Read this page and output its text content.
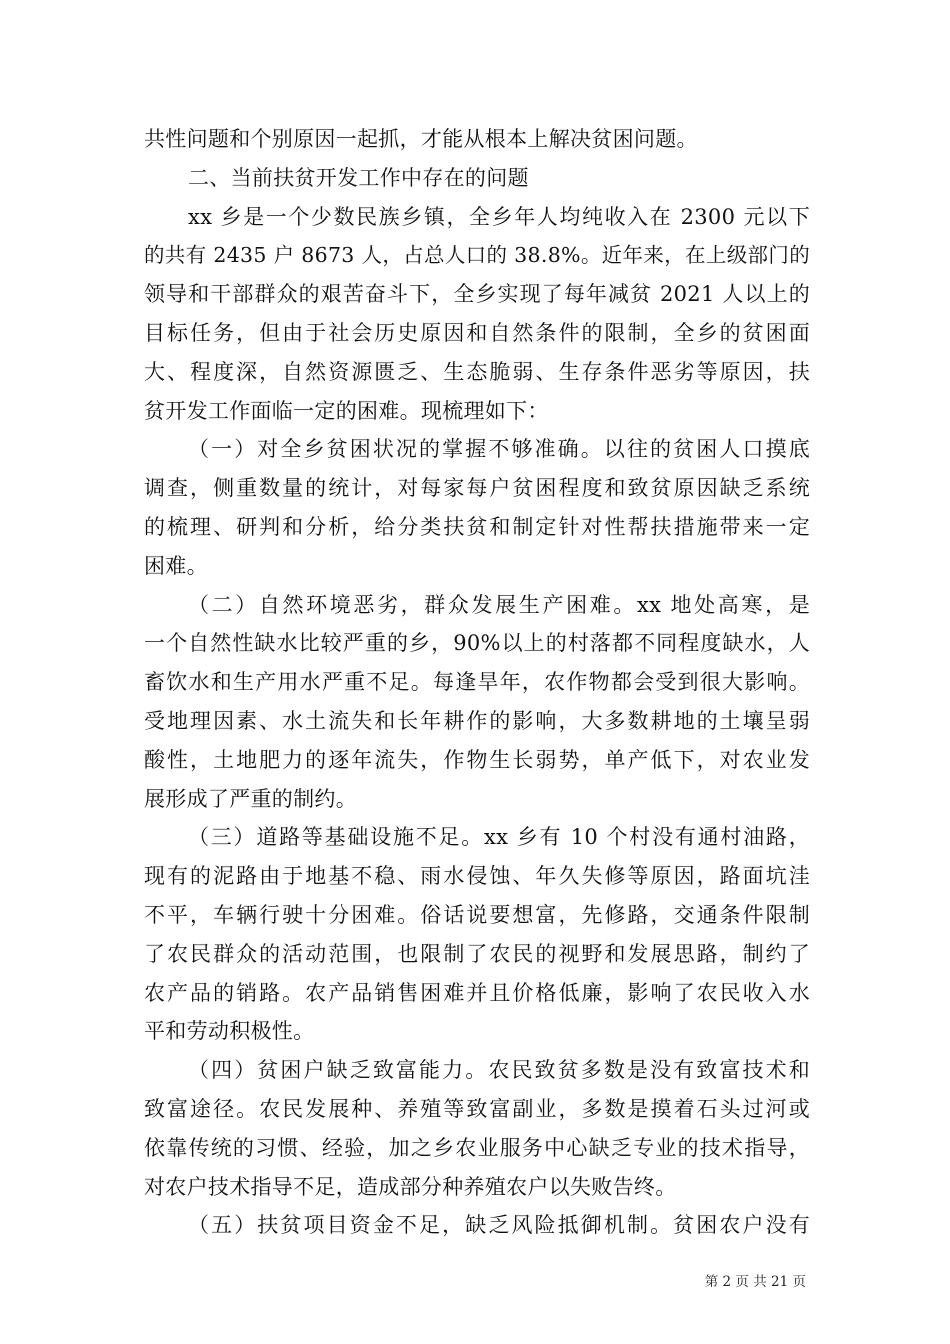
共性问题和个别原因一起抓，才能从根本上解决贫困问题。
二、当前扶贫开发工作中存在的问题
xx 乡是一个少数民族乡镇，全乡年人均纯收入在 2300 元以下
的共有 2435 户 8673 人，占总人口的 38.8%。近年来，在上级部门的
领导和干部群众的艰苦奋斗下，全乡实现了每年减贫 2021 人以上的
目标任务，但由于社会历史原因和自然条件的限制，全乡的贫困面
大、程度深，自然资源匮乏、生态脆弱、生存条件恶劣等原因，扶
贫开发工作面临一定的困难。现梳理如下：
（一）对全乡贫困状况的掌握不够准确。以往的贫困人口摸底
调查，侧重数量的统计，对每家每户贫困程度和致贫原因缺乏系统
的梳理、研判和分析，给分类扶贫和制定针对性帮扶措施带来一定
困难。
（二）自然环境恶劣，群众发展生产困难。xx 地处高寒，是
一个自然性缺水比较严重的乡，90%以上的村落都不同程度缺水，人
畜饮水和生产用水严重不足。每逢旱年，农作物都会受到很大影响。
受地理因素、水土流失和长年耕作的影响，大多数耕地的土壤呈弱
酸性，土地肥力的逐年流失，作物生长弱势，单产低下，对农业发
展形成了严重的制约。
（三）道路等基础设施不足。xx 乡有 10 个村没有通村油路，
现有的泥路由于地基不稳、雨水侵蚀、年久失修等原因，路面坑洼
不平，车辆行驶十分困难。俗话说要想富，先修路，交通条件限制
了农民群众的活动范围，也限制了农民的视野和发展思路，制约了
农产品的销路。农产品销售困难并且价格低廉，影响了农民收入水
平和劳动积极性。
（四）贫困户缺乏致富能力。农民致贫多数是没有致富技术和
致富途径。农民发展种、养殖等致富副业，多数是摸着石头过河或
依靠传统的习惯、经验，加之乡农业服务中心缺乏专业的技术指导，
对农户技术指导不足，造成部分种养殖农户以失败告终。
（五）扶贫项目资金不足，缺乏风险抵御机制。贫困农户没有
第 2 页 共 21 页
